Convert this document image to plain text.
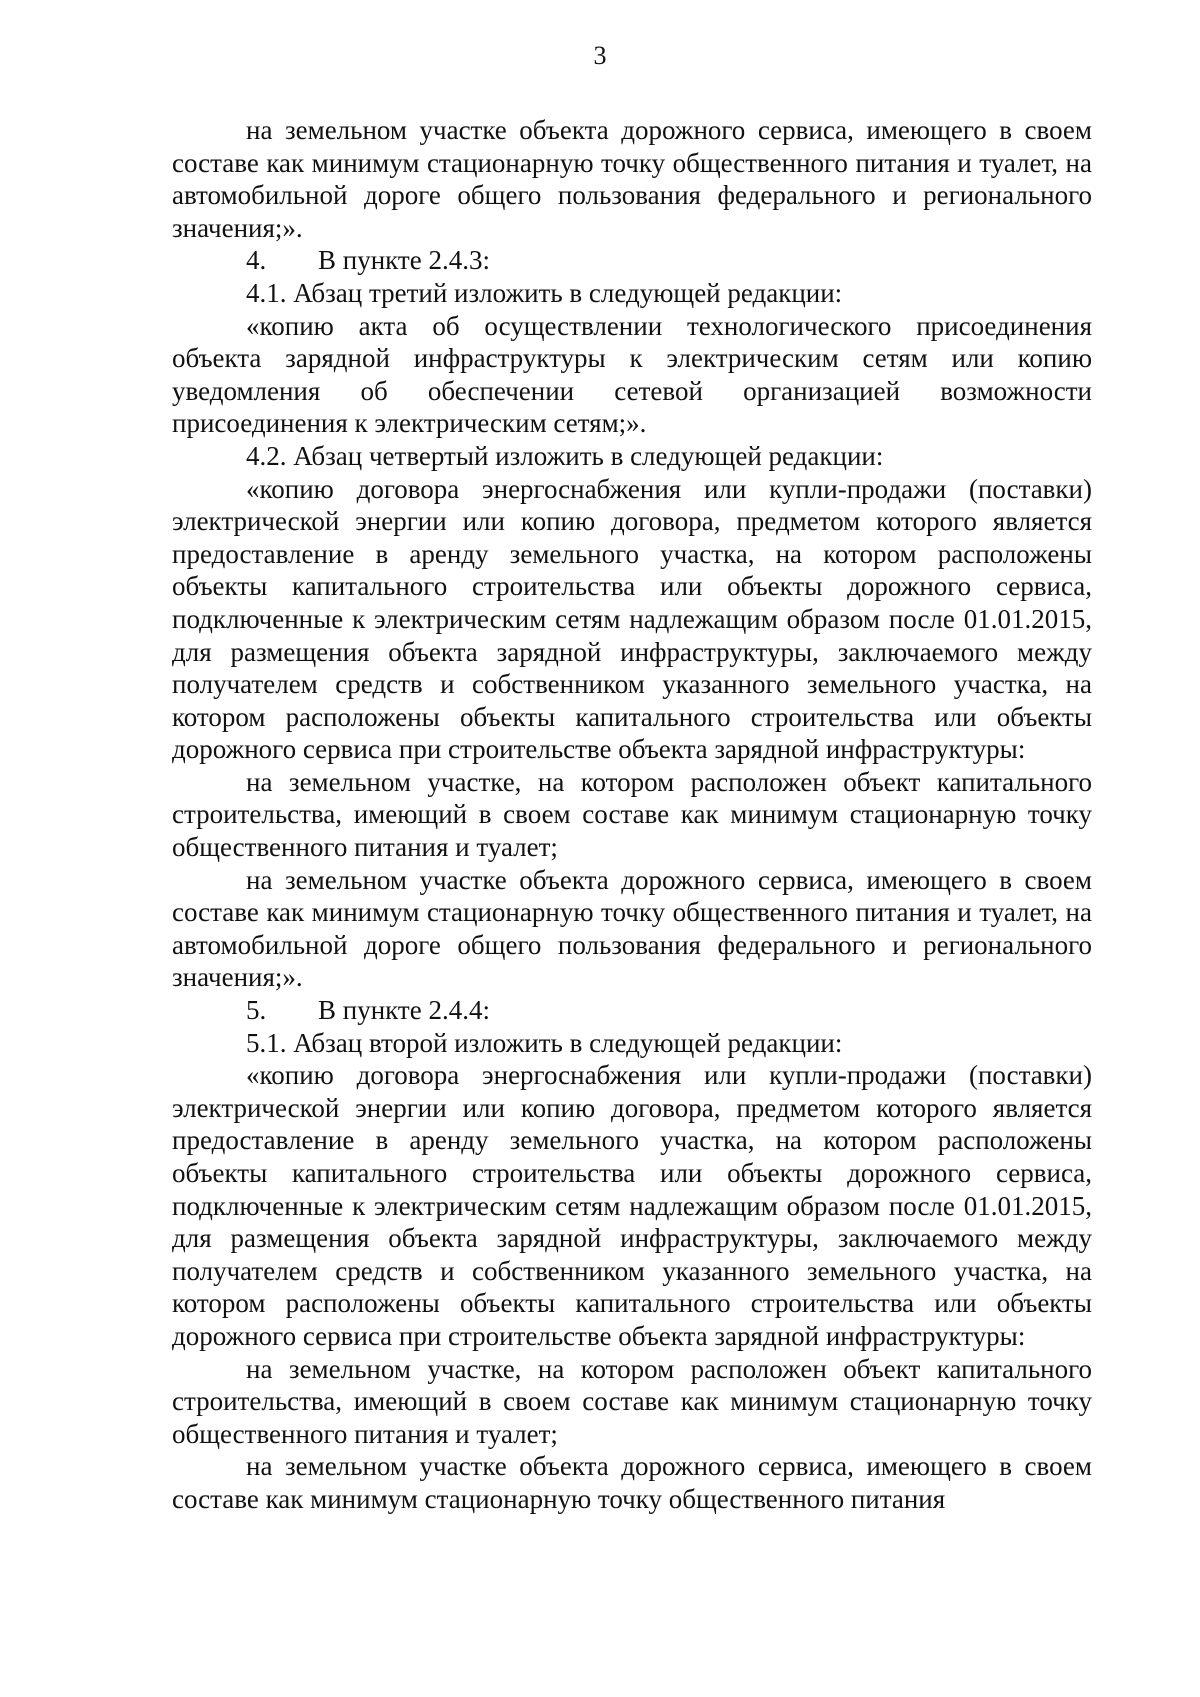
3

на земельном участке объекта дорожного сервиса, имеющего в своем составе как минимум стационарную точку общественного питания и туалет, на автомобильной дороге общего пользования федерального и регионального значения;».

4. В пункте 2.4.3:

4.1. Абзац третий изложить в следующей редакции:

«копию акта об осуществлении технологического присоединения объекта зарядной инфраструктуры к электрическим сетям или копию уведомления об обеспечении сетевой организацией возможности присоединения к электрическим сетям;».

4.2. Абзац четвертый изложить в следующей редакции:

«копию договора энергоснабжения или купли-продажи (поставки) электрической энергии или копию договора, предметом которого является предоставление в аренду земельного участка, на котором расположены объекты капитального строительства или объекты дорожного сервиса, подключенные к электрическим сетям надлежащим образом после 01.01.2015, для размещения объекта зарядной инфраструктуры, заключаемого между получателем средств и собственником указанного земельного участка, на котором расположены объекты капитального строительства или объекты дорожного сервиса при строительстве объекта зарядной инфраструктуры:

на земельном участке, на котором расположен объект капитального строительства, имеющий в своем составе как минимум стационарную точку общественного питания и туалет;

на земельном участке объекта дорожного сервиса, имеющего в своем составе как минимум стационарную точку общественного питания и туалет, на автомобильной дороге общего пользования федерального и регионального значения;».

5. В пункте 2.4.4:

5.1. Абзац второй изложить в следующей редакции:

«копию договора энергоснабжения или купли-продажи (поставки) электрической энергии или копию договора, предметом которого является предоставление в аренду земельного участка, на котором расположены объекты капитального строительства или объекты дорожного сервиса, подключенные к электрическим сетям надлежащим образом после 01.01.2015, для размещения объекта зарядной инфраструктуры, заключаемого между получателем средств и собственником указанного земельного участка, на котором расположены объекты капитального строительства или объекты дорожного сервиса при строительстве объекта зарядной инфраструктуры:

на земельном участке, на котором расположен объект капитального строительства, имеющий в своем составе как минимум стационарную точку общественного питания и туалет;

на земельном участке объекта дорожного сервиса, имеющего в своем составе как минимум стационарную точку общественного питания
